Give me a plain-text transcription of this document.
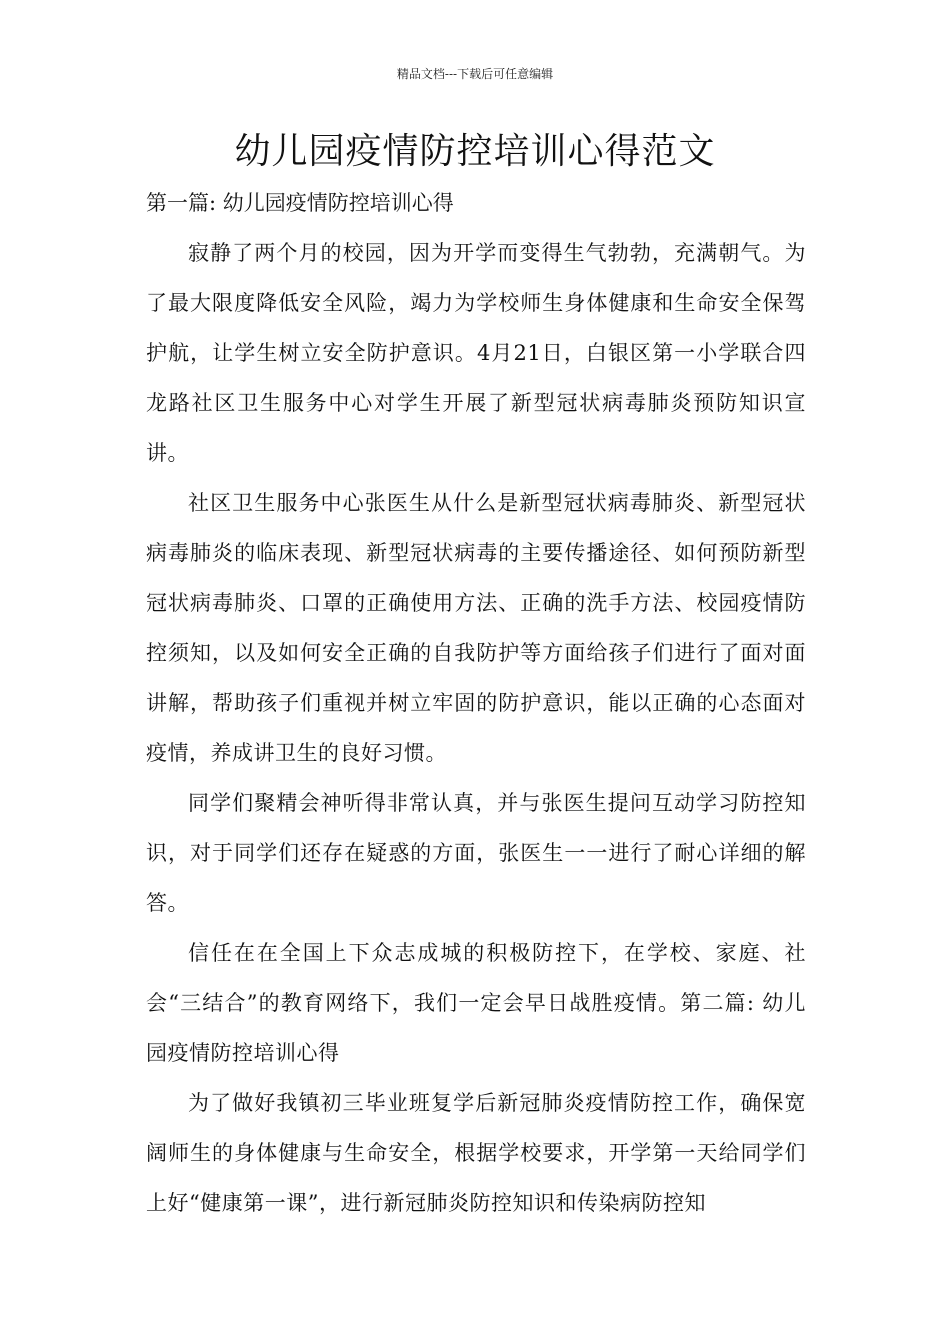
精品文档---下载后可任意编辑
幼儿园疫情防控培训心得范文

第一篇: 幼儿园疫情防控培训心得

寂静了两个月的校园，因为开学而变得生气勃勃，充满朝气。为了最大限度降低安全风险，竭力为学校师生身体健康和生命安全保驾护航，让学生树立安全防护意识。4月21日，白银区第一小学联合四龙路社区卫生服务中心对学生开展了新型冠状病毒肺炎预防知识宣讲。

社区卫生服务中心张医生从什么是新型冠状病毒肺炎、新型冠状病毒肺炎的临床表现、新型冠状病毒的主要传播途径、如何预防新型冠状病毒肺炎、口罩的正确使用方法、正确的洗手方法、校园疫情防控须知，以及如何安全正确的自我防护等方面给孩子们进行了面对面讲解，帮助孩子们重视并树立牢固的防护意识，能以正确的心态面对疫情，养成讲卫生的良好习惯。

同学们聚精会神听得非常认真，并与张医生提问互动学习防控知识，对于同学们还存在疑惑的方面，张医生一一进行了耐心详细的解答。

信任在在全国上下众志成城的积极防控下，在学校、家庭、社会“三结合”的教育网络下，我们一定会早日战胜疫情。第二篇: 幼儿园疫情防控培训心得

为了做好我镇初三毕业班复学后新冠肺炎疫情防控工作，确保宽阔师生的身体健康与生命安全，根据学校要求，开学第一天给同学们上好“健康第一课”，进行新冠肺炎防控知识和传染病防控知
